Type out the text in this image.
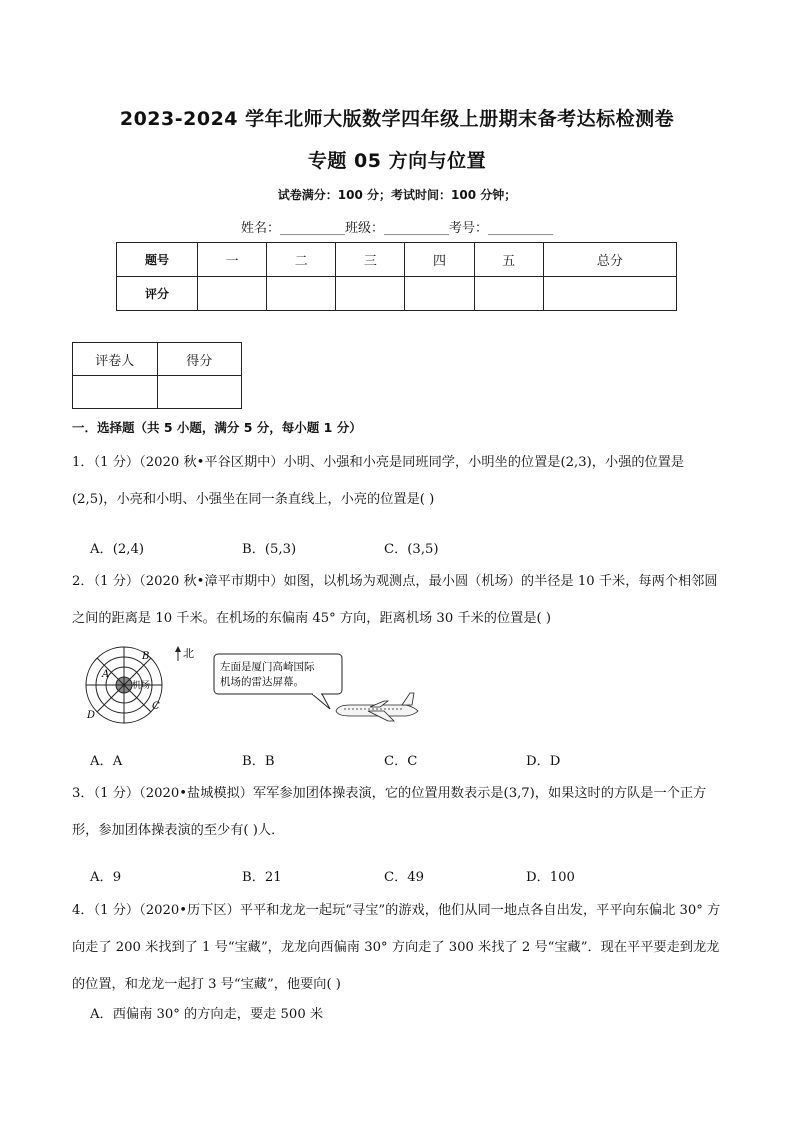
2023-2024 学年北师大版数学四年级上册期末备考达标检测卷
专题 05 方向与位置
试卷满分：100 分；考试时间：100 分钟；
姓名：__________班级：__________考号：__________
题号	一	二	三	四	五	总分
评分						
评卷人	得分

一．选择题（共 5 小题，满分 5 分，每小题 1 分）
1．（1 分）（2020 秋•平谷区期中）小明、小强和小亮是同班同学，小明坐的位置是(2,3)，小强的位置是(2,5)，小亮和小明、小强坐在同一条直线上，小亮的位置是( )
A．(2,4)	B．(5,3)	C．(3,5)
2．（1 分）（2020 秋•漳平市期中）如图，以机场为观测点，最小圆（机场）的半径是 10 千米，每两个相邻圆之间的距离是 10 千米。在机场的东偏南 45° 方向，距离机场 30 千米的位置是( )
B
A
C
D
机场
北
左面是厦门高崎国际
机场的雷达屏幕。
A．A	B．B	C．C	D．D
3．（1 分）（2020•盐城模拟）军军参加团体操表演，它的位置用数表示是(3,7)，如果这时的方队是一个正方形，参加团体操表演的至少有( )人．
A．9	B．21	C．49	D．100
4．（1 分）（2020•历下区）平平和龙龙一起玩“寻宝”的游戏，他们从同一地点各自出发，平平向东偏北 30° 方向走了 200 米找到了 1 号“宝藏”，龙龙向西偏南 30° 方向走了 300 米找了 2 号“宝藏”．现在平平要走到龙龙的位置，和龙龙一起打 3 号“宝藏”，他要向( )
A．西偏南 30° 的方向走，要走 500 米
